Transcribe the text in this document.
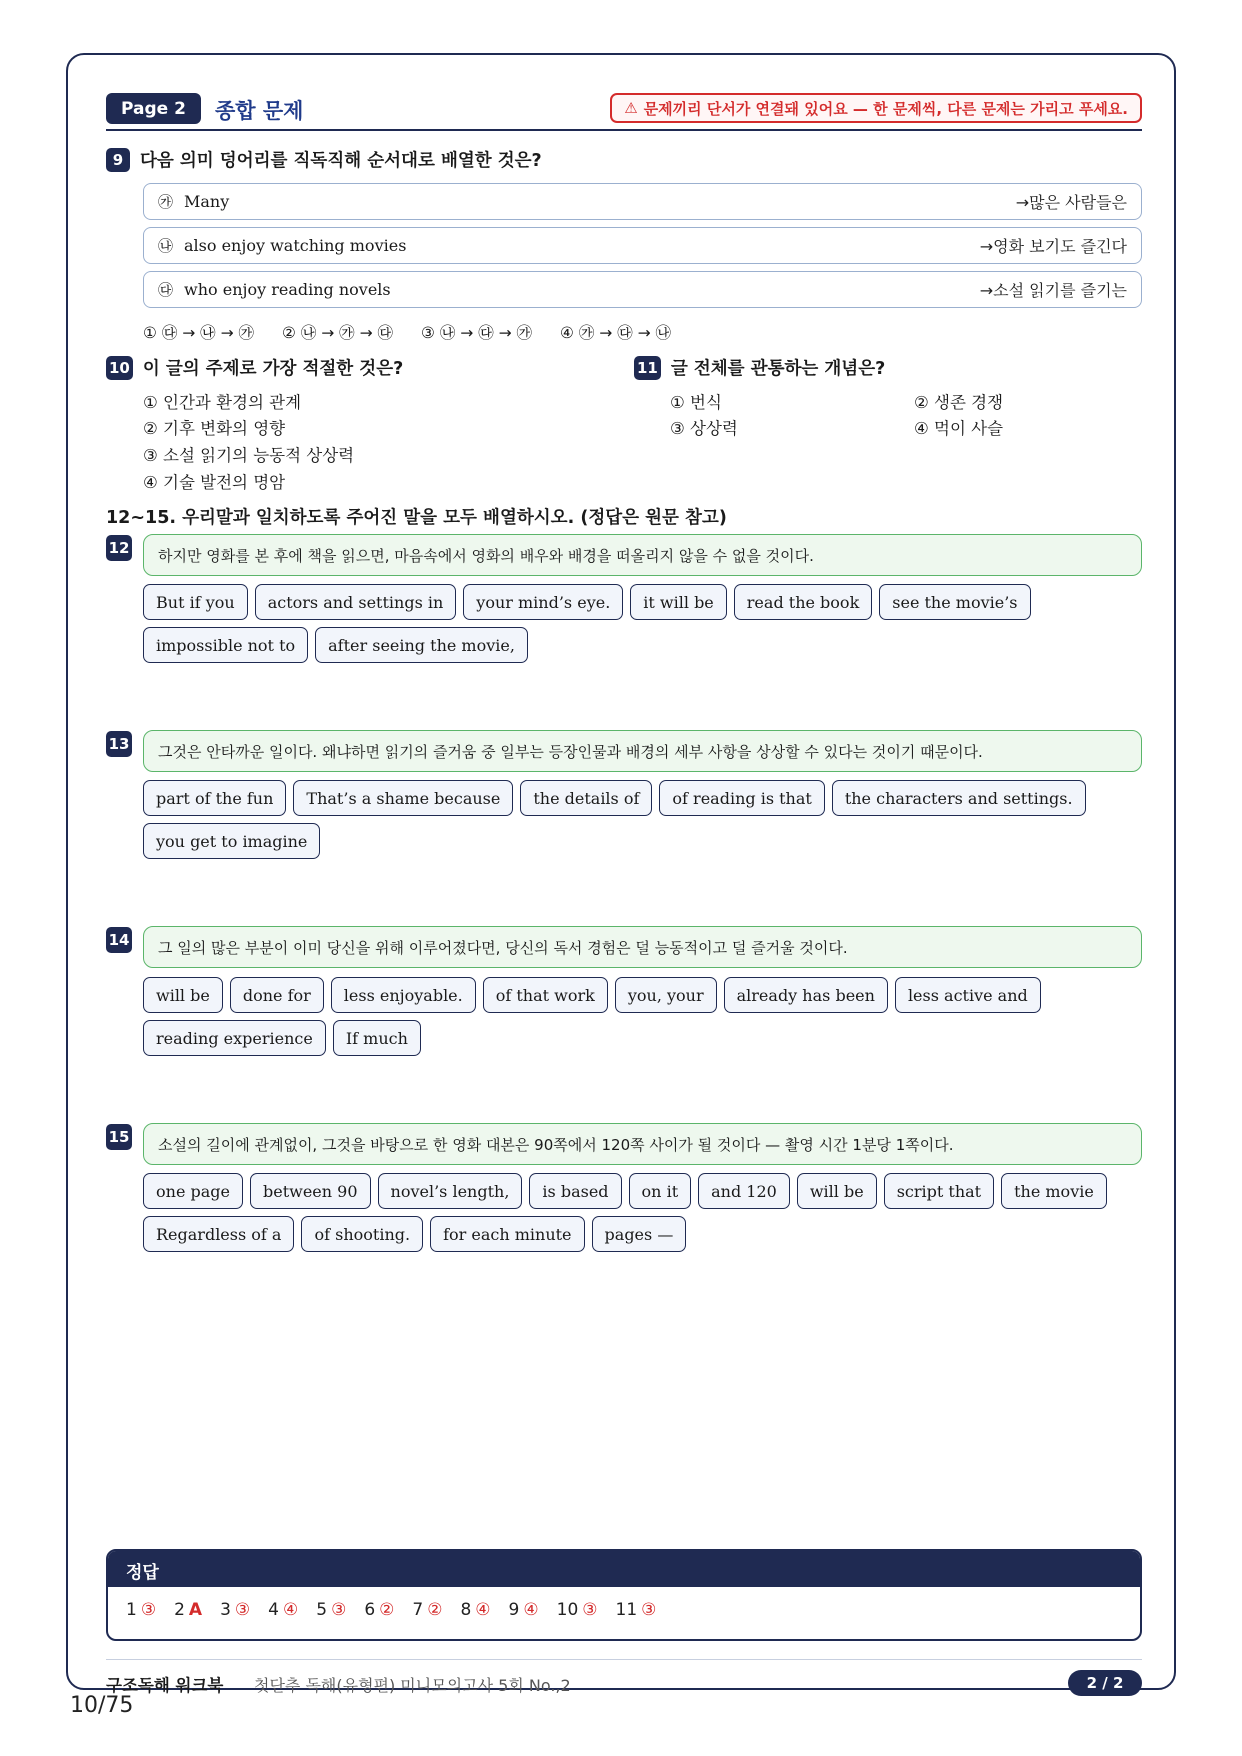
Page 2	종합 문제	⚠ 문제끼리 단서가 연결돼 있어요 — 한 문제씩, 다른 문제는 가리고 푸세요.
9 다음 의미 덩어리를 직독직해 순서대로 배열한 것은?
㉮ Many	→많은 사람들은
㉯ also enjoy watching movies	→영화 보기도 즐긴다
㉰ who enjoy reading novels	→소설 읽기를 즐기는
① ㉰ → ㉯ → ㉮ ② ㉯ → ㉮ → ㉰ ③ ㉯ → ㉰ → ㉮ ④ ㉮ → ㉰ → ㉯
10 이 글의 주제로 가장 적절한 것은?
① 인간과 환경의 관계
② 기후 변화의 영향
③ 소설 읽기의 능동적 상상력
④ 기술 발전의 명암
11 글 전체를 관통하는 개념은?
① 번식	② 생존 경쟁
③ 상상력	④ 먹이 사슬
12~15. 우리말과 일치하도록 주어진 말을 모두 배열하시오. (정답은 원문 참고)
12	하지만 영화를 본 후에 책을 읽으면, 마음속에서 영화의 배우와 배경을 떠올리지 않을 수 없을 것이다.
But if you	actors and settings in	your mind’s eye.	it will be	read the book	see the movie’s
impossible not to	after seeing the movie,
13	그것은 안타까운 일이다. 왜냐하면 읽기의 즐거움 중 일부는 등장인물과 배경의 세부 사항을 상상할 수 있다는 것이기 때문이다.
part of the fun	That’s a shame because	the details of	of reading is that	the characters and settings.
you get to imagine
14	그 일의 많은 부분이 이미 당신을 위해 이루어졌다면, 당신의 독서 경험은 덜 능동적이고 덜 즐거울 것이다.
will be	done for	less enjoyable.	of that work	you, your	already has been	less active and
reading experience	If much
15	소설의 길이에 관계없이, 그것을 바탕으로 한 영화 대본은 90쪽에서 120쪽 사이가 될 것이다 — 촬영 시간 1분당 1쪽이다.
one page	between 90	novel’s length,	is based	on it	and 120	will be	script that	the movie
Regardless of a	of shooting.	for each minute	pages —
정답
1 ③ 2 A 3 ③ 4 ④ 5 ③ 6 ② 7 ② 8 ④ 9 ④ 10 ③ 11 ③
구조독해 워크북 첫단추 독해(유형편) 미니모의고사 5회 No.,2	2 / 2
10/75
